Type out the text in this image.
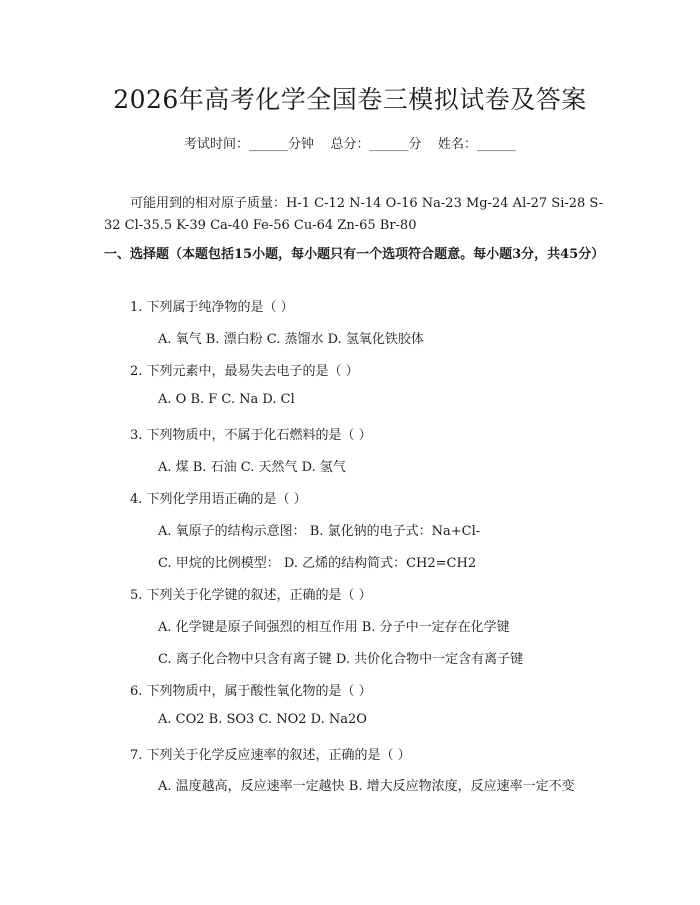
2026年高考化学全国卷三模拟试卷及答案
考试时间：______分钟    总分：______分    姓名：______
可能用到的相对原子质量：H-1 C-12 N-14 O-16 Na-23 Mg-24 Al-27 Si-28 S-32 Cl-35.5 K-39 Ca-40 Fe-56 Cu-64 Zn-65 Br-80
一、选择题（本题包括15小题，每小题只有一个选项符合题意。每小题3分，共45分）
1. 下列属于纯净物的是（ ）
A. 氧气 B. 漂白粉 C. 蒸馏水 D. 氢氧化铁胶体
2. 下列元素中，最易失去电子的是（ ）
A. O B. F C. Na D. Cl
3. 下列物质中，不属于化石燃料的是（ ）
A. 煤 B. 石油 C. 天然气 D. 氢气
4. 下列化学用语正确的是（ ）
A. 氧原子的结构示意图： B. 氯化钠的电子式：Na+Cl-
C. 甲烷的比例模型： D. 乙烯的结构简式：CH2=CH2
5. 下列关于化学键的叙述，正确的是（ ）
A. 化学键是原子间强烈的相互作用 B. 分子中一定存在化学键
C. 离子化合物中只含有离子键 D. 共价化合物中一定含有离子键
6. 下列物质中，属于酸性氧化物的是（ ）
A. CO2 B. SO3 C. NO2 D. Na2O
7. 下列关于化学反应速率的叙述，正确的是（ ）
A. 温度越高，反应速率一定越快 B. 增大反应物浓度，反应速率一定不变
